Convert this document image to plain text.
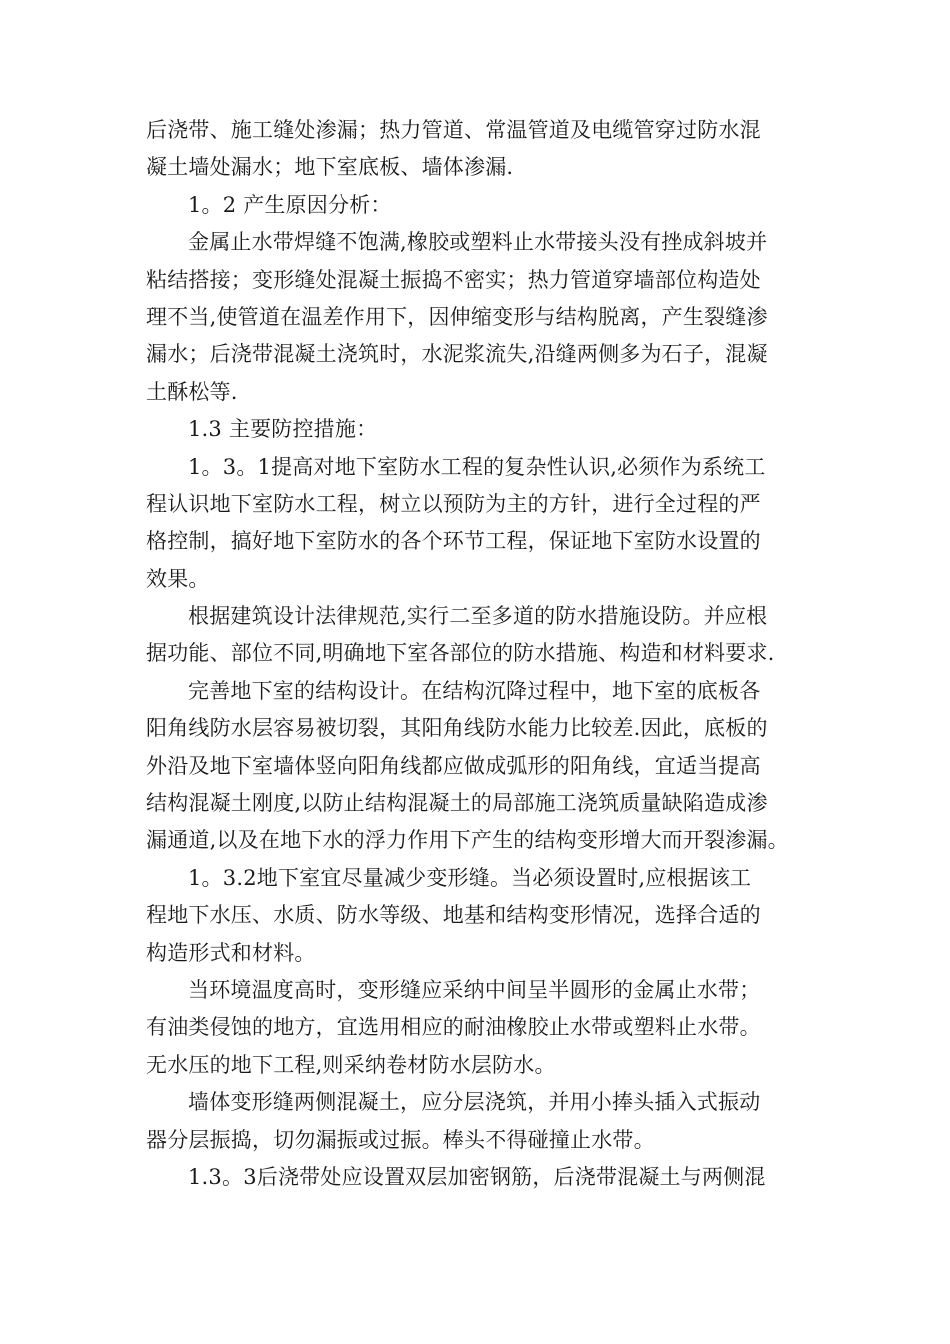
后浇带、施工缝处渗漏；热力管道、常温管道及电缆管穿过防水混
凝土墙处漏水；地下室底板、墙体渗漏.
1。2 产生原因分析：
金属止水带焊缝不饱满,橡胶或塑料止水带接头没有挫成斜坡并
粘结搭接；变形缝处混凝土振捣不密实；热力管道穿墙部位构造处
理不当,使管道在温差作用下，因伸缩变形与结构脱离，产生裂缝渗
漏水；后浇带混凝土浇筑时，水泥浆流失,沿缝两侧多为石子，混凝
土酥松等.
1.3 主要防控措施：
1。3。1提高对地下室防水工程的复杂性认识,必须作为系统工
程认识地下室防水工程，树立以预防为主的方针，进行全过程的严
格控制，搞好地下室防水的各个环节工程，保证地下室防水设置的
效果。
根据建筑设计法律规范,实行二至多道的防水措施设防。并应根
据功能、部位不同,明确地下室各部位的防水措施、构造和材料要求.
完善地下室的结构设计。在结构沉降过程中，地下室的底板各
阳角线防水层容易被切裂，其阳角线防水能力比较差.因此，底板的
外沿及地下室墙体竖向阳角线都应做成弧形的阳角线，宜适当提高
结构混凝土刚度,以防止结构混凝土的局部施工浇筑质量缺陷造成渗
漏通道,以及在地下水的浮力作用下产生的结构变形增大而开裂渗漏。
1。3.2地下室宜尽量减少变形缝。当必须设置时,应根据该工
程地下水压、水质、防水等级、地基和结构变形情况，选择合适的
构造形式和材料。
当环境温度高时，变形缝应采纳中间呈半圆形的金属止水带；
有油类侵蚀的地方，宜选用相应的耐油橡胶止水带或塑料止水带。
无水压的地下工程,则采纳卷材防水层防水。
墙体变形缝两侧混凝土，应分层浇筑，并用小捧头插入式振动
器分层振捣，切勿漏振或过振。棒头不得碰撞止水带。
1.3。3后浇带处应设置双层加密钢筋，后浇带混凝土与两侧混
